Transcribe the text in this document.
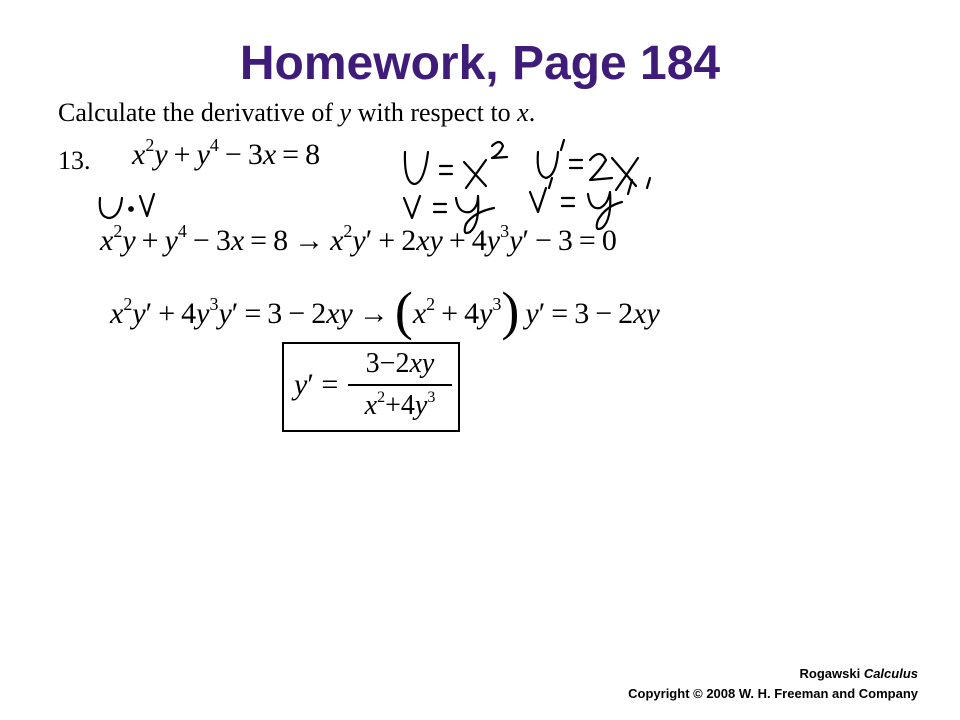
Homework, Page 184
Calculate the derivative of y with respect to x.
13. $x^2y + y^4 - 3x = 8$
$x^2y + y^4 - 3x = 8 \to x^2y' + 2xy + 4y^3y' - 3 = 0$
$x^2y' + 4y^3y' = 3 - 2xy \to (x^2 + 4y^3) y' = 3 - 2xy$
y′ =
3−2xy
$x^2+4y^3$
Rogawski Calculus
Copyright © 2008 W. H. Freeman and Company
